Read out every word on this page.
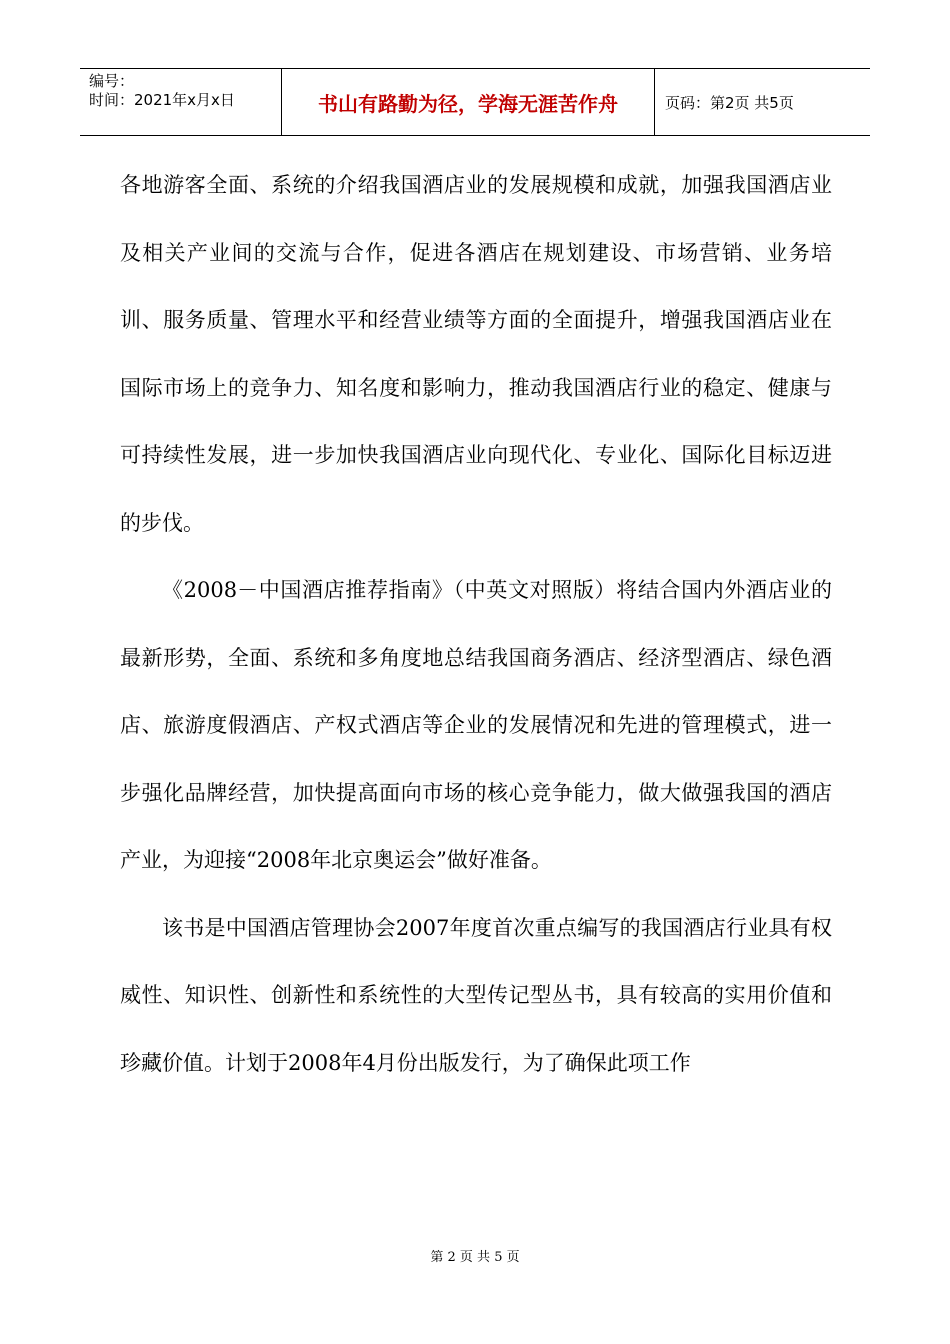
编号：
时间：2021年x月x日	书山有路勤为径，学海无涯苦作舟	页码：第2页 共5页

各地游客全面、系统的介绍我国酒店业的发展规模和成就，加强我国酒店业及相关产业间的交流与合作，促进各酒店在规划建设、市场营销、业务培训、服务质量、管理水平和经营业绩等方面的全面提升，增强我国酒店业在国际市场上的竞争力、知名度和影响力，推动我国酒店行业的稳定、健康与可持续性发展，进一步加快我国酒店业向现代化、专业化、国际化目标迈进的步伐。

《2008－中国酒店推荐指南》（中英文对照版）将结合国内外酒店业的最新形势，全面、系统和多角度地总结我国商务酒店、经济型酒店、绿色酒店、旅游度假酒店、产权式酒店等企业的发展情况和先进的管理模式，进一步强化品牌经营，加快提高面向市场的核心竞争能力，做大做强我国的酒店产业，为迎接“2008年北京奥运会”做好准备。

该书是中国酒店管理协会2007年度首次重点编写的我国酒店行业具有权威性、知识性、创新性和系统性的大型传记型丛书，具有较高的实用价值和珍藏价值。计划于2008年4月份出版发行，为了确保此项工作

第 2 页 共 5 页
